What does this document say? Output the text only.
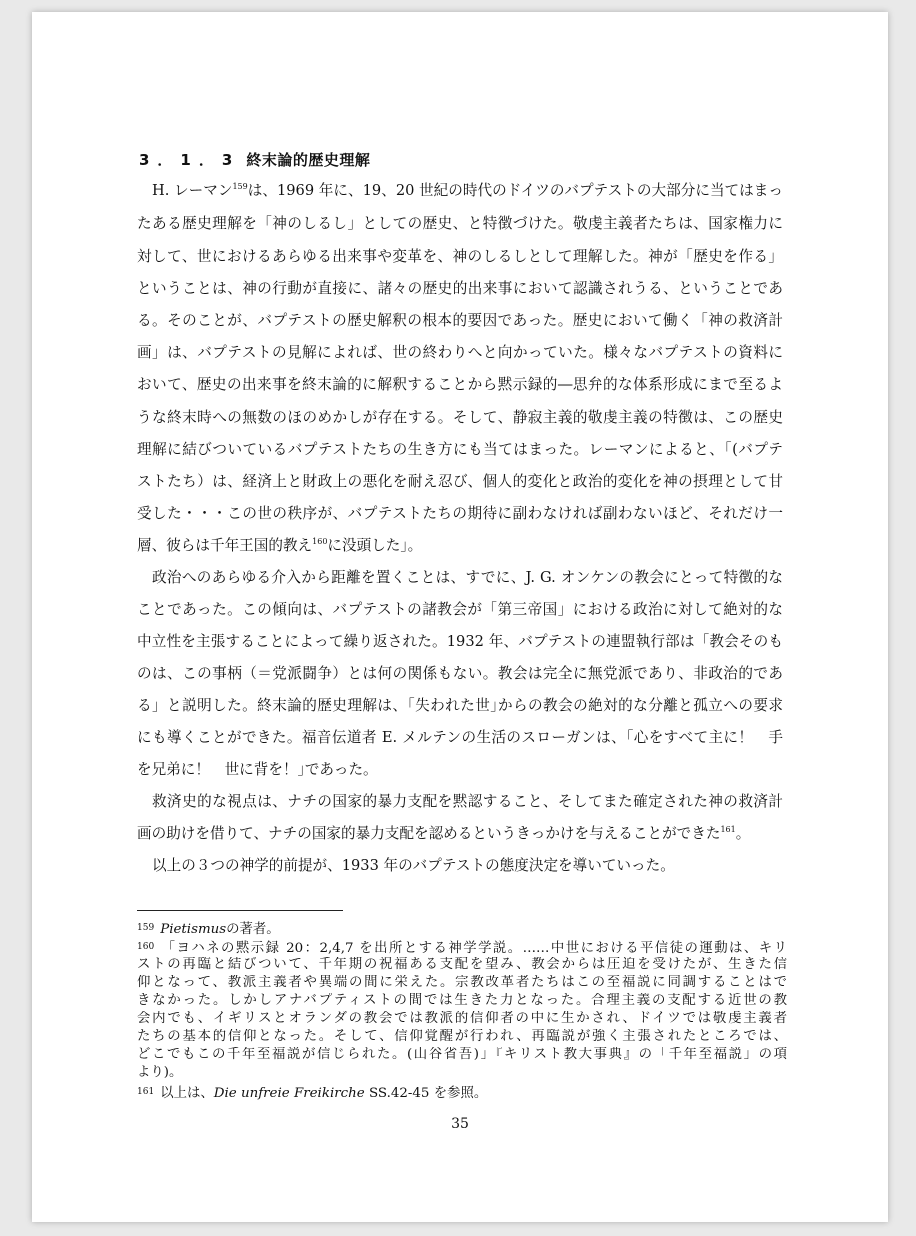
3．1．3 終末論的歴史理解
H. レーマン$^{159}$は、1969 年に、19、20 世紀の時代のドイツのバプテストの大部分に当てはまっ
たある歴史理解を「神のしるし」としての歴史、と特徴づけた。敬虔主義者たちは、国家権力に
対して、世におけるあらゆる出来事や変革を、神のしるしとして理解した。神が「歴史を作る」
ということは、神の行動が直接に、諸々の歴史的出来事において認識されうる、ということであ
る。そのことが、バプテストの歴史解釈の根本的要因であった。歴史において働く「神の救済計
画」は、バプテストの見解によれば、世の終わりへと向かっていた。様々なバプテストの資料に
おいて、歴史の出来事を終末論的に解釈することから黙示録的―思弁的な体系形成にまで至るよ
うな終末時への無数のほのめかしが存在する。そして、静寂主義的敬虔主義の特徴は、この歴史
理解に結びついているバプテストたちの生き方にも当てはまった。レーマンによると、「(バプテ
ストたち）は、経済上と財政上の悪化を耐え忍び、個人的変化と政治的変化を神の摂理として甘
受した・・・この世の秩序が、バプテストたちの期待に副わなければ副わないほど、それだけ一
層、彼らは千年王国的教え$^{160}$に没頭した」。
政治へのあらゆる介入から距離を置くことは、すでに、J. G. オンケンの教会にとって特徴的な
ことであった。この傾向は、バプテストの諸教会が「第三帝国」における政治に対して絶対的な
中立性を主張することによって繰り返された。1932 年、バプテストの連盟執行部は「教会そのも
のは、この事柄（＝党派闘争）とは何の関係もない。教会は完全に無党派であり、非政治的であ
る」と説明した。終末論的歴史理解は、｢失われた世｣からの教会の絶対的な分離と孤立への要求
にも導くことができた。福音伝道者 E. メルテンの生活のスローガンは、｢心をすべて主に！　手
を兄弟に！　世に背を！｣であった。
救済史的な視点は、ナチの国家的暴力支配を黙認すること、そしてまた確定された神の救済計
画の助けを借りて、ナチの国家的暴力支配を認めるというきっかけを与えることができた$^{161}$。
以上の３つの神学的前提が、1933 年のバプテストの態度決定を導いていった。
$^{159}$ Pietismusの著者。
$^{160}$ 「ヨハネの黙示録 20：2,4,7 を出所とする神学学説。……中世における平信徒の運動は、キリ
ストの再臨と結びついて、千年期の祝福ある支配を望み、教会からは圧迫を受けたが、生きた信
仰となって、教派主義者や異端の間に栄えた。宗教改革者たちはこの至福説に同調することはで
きなかった。しかしアナバプティストの間では生きた力となった。合理主義の支配する近世の教
会内でも、イギリスとオランダの教会では教派的信仰者の中に生かされ、ドイツでは敬虔主義者
たちの基本的信仰となった。そして、信仰覚醒が行われ、再臨説が強く主張されたところでは、
どこでもこの千年至福説が信じられた。(山谷省吾)」『キリスト教大事典』の「千年至福説」の項
より)。
$^{161}$ 以上は、Die unfreie Freikirche SS.42-45 を参照。
35
